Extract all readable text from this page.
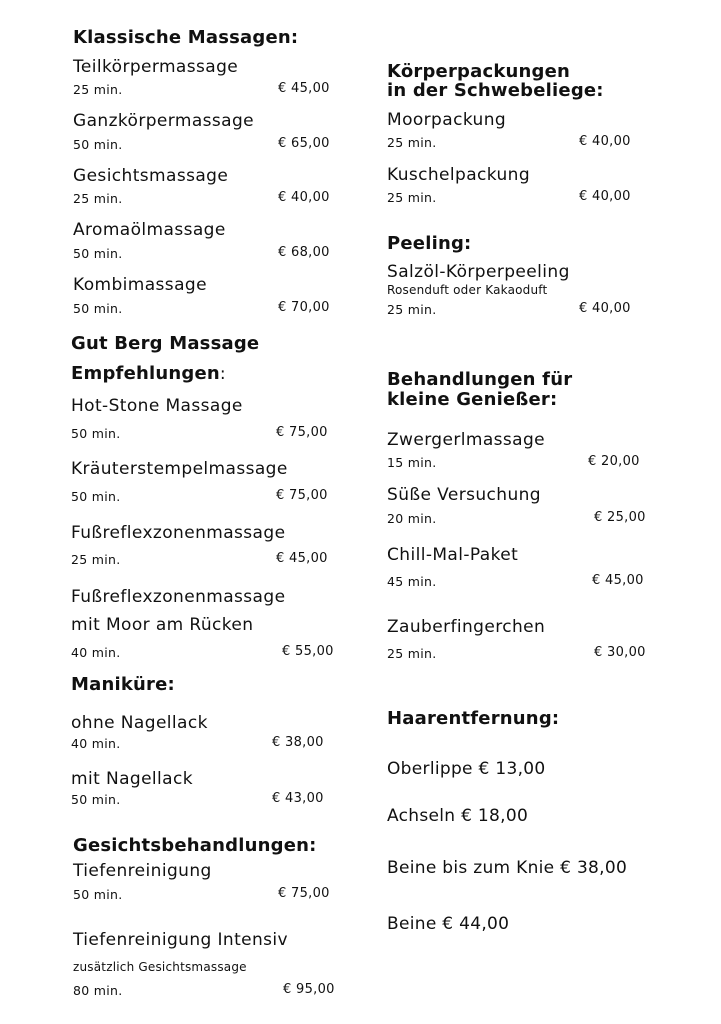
Klassische Massagen:
Teilkörpermassage
25 min.	€ 45,00
Ganzkörpermassage
50 min.	€ 65,00
Gesichtsmassage
25 min.	€ 40,00
Aromaölmassage
50 min.	€ 68,00
Kombimassage
50 min.	€ 70,00
Gut Berg Massage
Empfehlungen:
Hot-Stone Massage
50 min.	€ 75,00
Kräuterstempelmassage
50 min.	€ 75,00
Fußreflexzonenmassage
25 min.	€ 45,00
Fußreflexzonenmassage
mit Moor am Rücken
40 min.	€ 55,00
Maniküre:
ohne Nagellack
40 min.	€ 38,00
mit Nagellack
50 min.	€ 43,00
Gesichtsbehandlungen:
Tiefenreinigung
50 min.	€ 75,00
Tiefenreinigung Intensiv
zusätzlich Gesichtsmassage
80 min.	€ 95,00
Körperpackungen
in der Schwebeliege:
Moorpackung
25 min.	€ 40,00
Kuschelpackung
25 min.	€ 40,00
Peeling:
Salzöl-Körperpeeling
Rosenduft oder Kakaoduft
25 min.	€ 40,00
Behandlungen für
kleine Genießer:
Zwergerlmassage
15 min.	€ 20,00
Süße Versuchung
20 min.	€ 25,00
Chill-Mal-Paket
45 min.	€ 45,00
Zauberfingerchen
25 min.	€ 30,00
Haarentfernung:
Oberlippe € 13,00
Achseln € 18,00
Beine bis zum Knie € 38,00
Beine € 44,00
